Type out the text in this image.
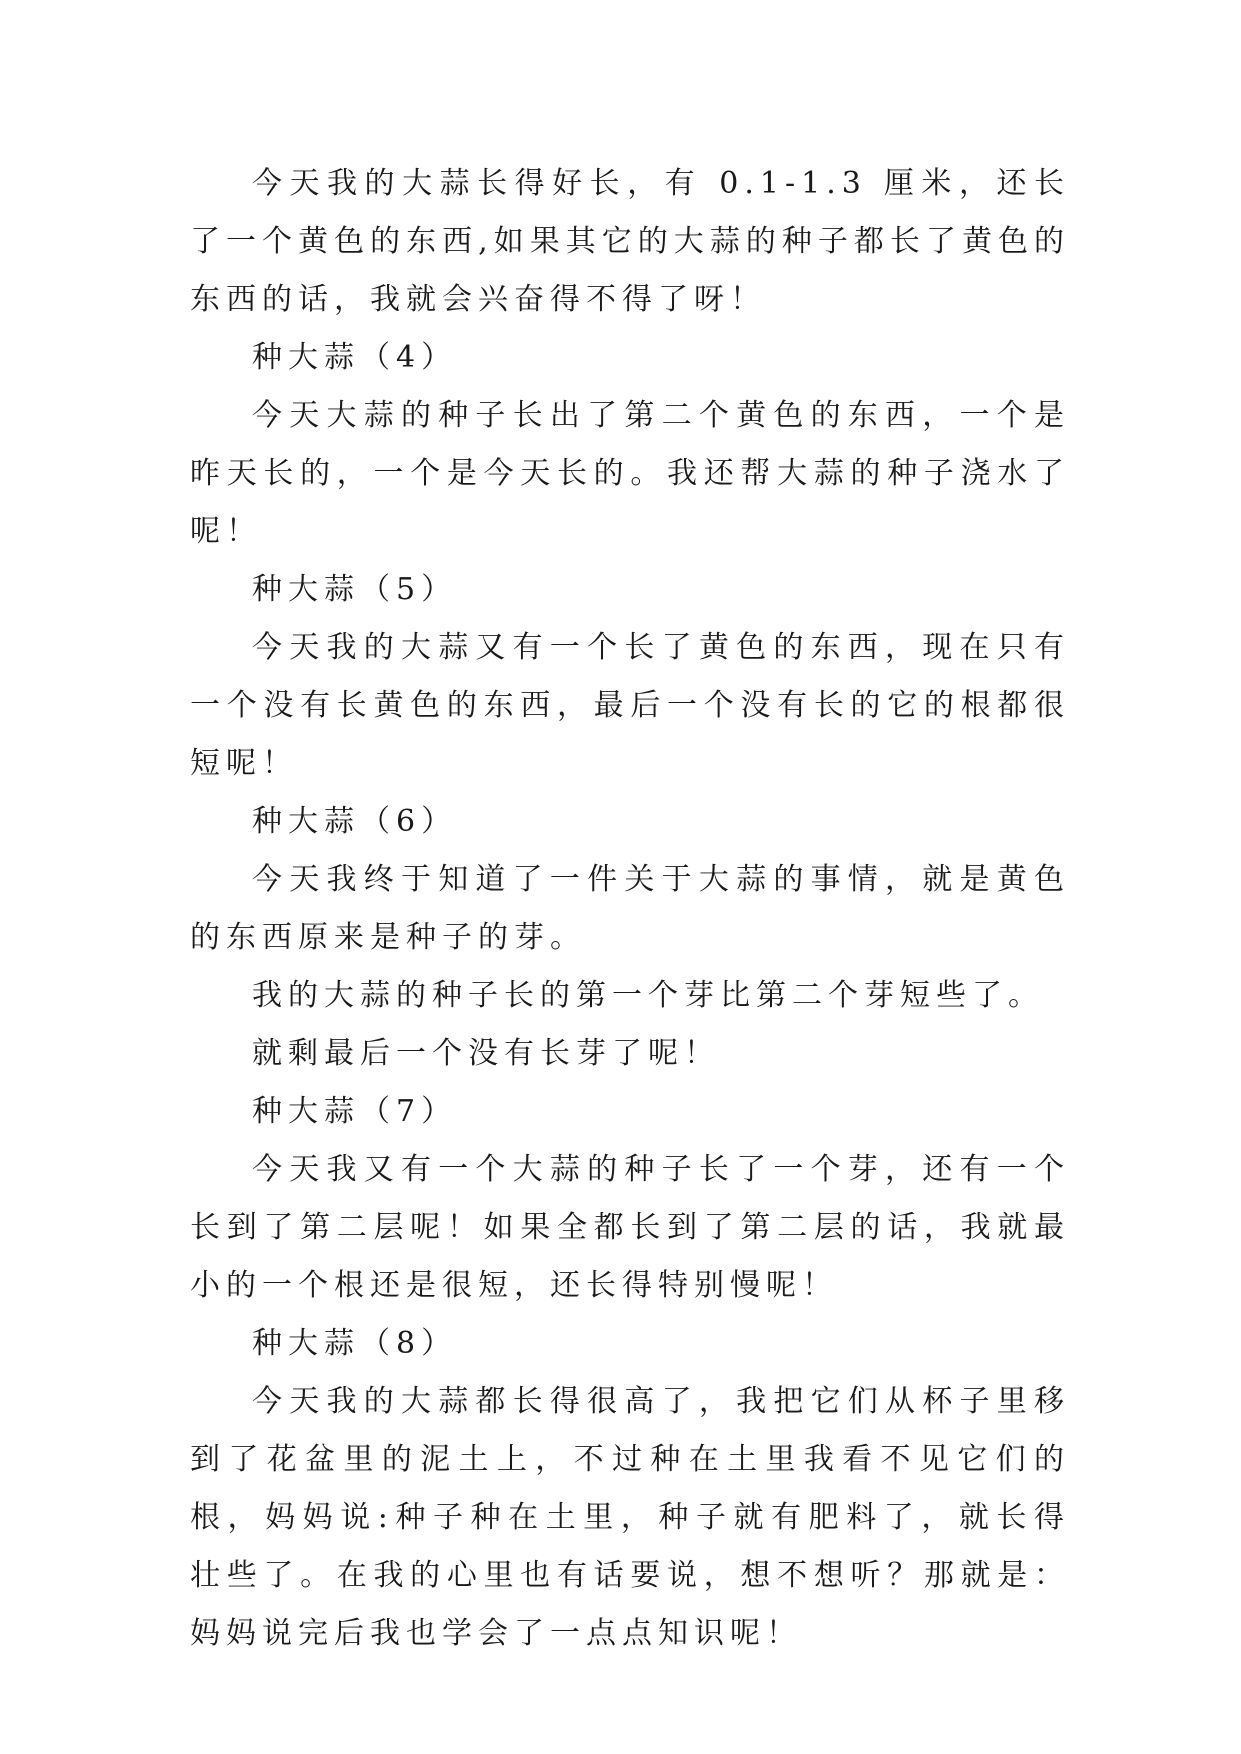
今天我的大蒜长得好长，有 0.1-1.3 厘米，还长了一个黄色的东西,如果其它的大蒜的种子都长了黄色的东西的话，我就会兴奋得不得了呀！

种大蒜（4）

今天大蒜的种子长出了第二个黄色的东西，一个是昨天长的，一个是今天长的。我还帮大蒜的种子浇水了呢！

种大蒜（5）

今天我的大蒜又有一个长了黄色的东西，现在只有一个没有长黄色的东西，最后一个没有长的它的根都很短呢！

种大蒜（6）

今天我终于知道了一件关于大蒜的事情，就是黄色的东西原来是种子的芽。

我的大蒜的种子长的第一个芽比第二个芽短些了。

就剩最后一个没有长芽了呢！

种大蒜（7）

今天我又有一个大蒜的种子长了一个芽，还有一个长到了第二层呢！如果全都长到了第二层的话，我就最小的一个根还是很短，还长得特别慢呢！

种大蒜（8）

今天我的大蒜都长得很高了，我把它们从杯子里移到了花盆里的泥土上，不过种在土里我看不见它们的根，妈妈说:种子种在土里，种子就有肥料了，就长得壮些了。在我的心里也有话要说，想不想听？那就是：妈妈说完后我也学会了一点点知识呢！
